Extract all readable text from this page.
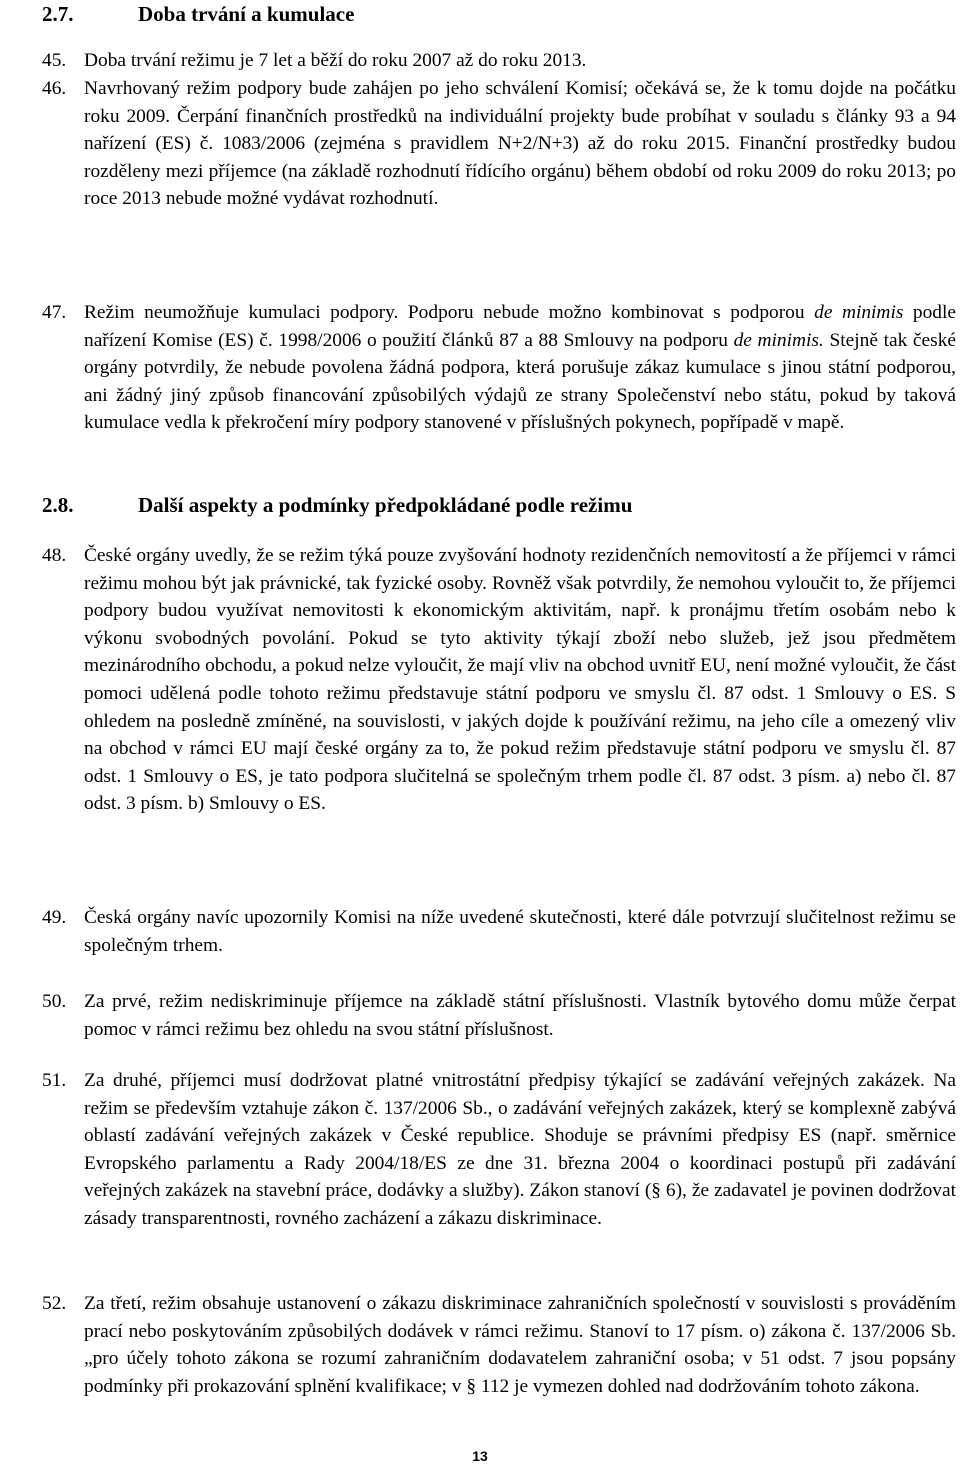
2.7.	Doba trvání a kumulace
45. Doba trvání režimu je 7 let a běží do roku 2007 až do roku 2013.
46. Navrhovaný režim podpory bude zahájen po jeho schválení Komisí; očekává se, že k tomu dojde na počátku roku 2009. Čerpání finančních prostředků na individuální projekty bude probíhat v souladu s články 93 a 94 nařízení (ES) č. 1083/2006 (zejména s pravidlem N+2/N+3) až do roku 2015. Finanční prostředky budou rozděleny mezi příjemce (na základě rozhodnutí řídícího orgánu) během období od roku 2009 do roku 2013; po roce 2013 nebude možné vydávat rozhodnutí.
47. Režim neumožňuje kumulaci podpory. Podporu nebude možno kombinovat s podporou de minimis podle nařízení Komise (ES) č. 1998/2006 o použití článků 87 a 88 Smlouvy na podporu de minimis. Stejně tak české orgány potvrdily, že nebude povolena žádná podpora, která porušuje zákaz kumulace s jinou státní podporou, ani žádný jiný způsob financování způsobilých výdajů ze strany Společenství nebo státu, pokud by taková kumulace vedla k překročení míry podpory stanovené v příslušných pokynech, popřípadě v mapě.
2.8.	Další aspekty a podmínky předpokládané podle režimu
48. České orgány uvedly, že se režim týká pouze zvyšování hodnoty rezidenčních nemovitostí a že příjemci v rámci režimu mohou být jak právnické, tak fyzické osoby. Rovněž však potvrdily, že nemohou vyloučit to, že příjemci podpory budou využívat nemovitosti k ekonomickým aktivitám, např. k pronájmu třetím osobám nebo k výkonu svobodných povolání. Pokud se tyto aktivity týkají zboží nebo služeb, jež jsou předmětem mezinárodního obchodu, a pokud nelze vyloučit, že mají vliv na obchod uvnitř EU, není možné vyloučit, že část pomoci udělená podle tohoto režimu představuje státní podporu ve smyslu čl. 87 odst. 1 Smlouvy o ES. S ohledem na posledně zmíněné, na souvislosti, v jakých dojde k používání režimu, na jeho cíle a omezený vliv na obchod v rámci EU mají české orgány za to, že pokud režim představuje státní podporu ve smyslu čl. 87 odst. 1 Smlouvy o ES, je tato podpora slučitelná se společným trhem podle čl. 87 odst. 3 písm. a) nebo čl. 87 odst. 3 písm. b) Smlouvy o ES.
49. Česká orgány navíc upozornily Komisi na níže uvedené skutečnosti, které dále potvrzují slučitelnost režimu se společným trhem.
50. Za prvé, režim nediskriminuje příjemce na základě státní příslušnosti. Vlastník bytového domu může čerpat pomoc v rámci režimu bez ohledu na svou státní příslušnost.
51. Za druhé, příjemci musí dodržovat platné vnitrostátní předpisy týkající se zadávání veřejných zakázek. Na režim se především vztahuje zákon č. 137/2006 Sb., o zadávání veřejných zakázek, který se komplexně zabývá oblastí zadávání veřejných zakázek v České republice. Shoduje se právními předpisy ES (např. směrnice Evropského parlamentu a Rady 2004/18/ES ze dne 31. března 2004 o koordinaci postupů při zadávání veřejných zakázek na stavební práce, dodávky a služby). Zákon stanoví (§ 6), že zadavatel je povinen dodržovat zásady transparentnosti, rovného zacházení a zákazu diskriminace.
52. Za třetí, režim obsahuje ustanovení o zákazu diskriminace zahraničních společností v souvislosti s prováděním prací nebo poskytováním způsobilých dodávek v rámci režimu. Stanoví to 17 písm. o) zákona č. 137/2006 Sb. „pro účely tohoto zákona se rozumí zahraničním dodavatelem zahraniční osoba; v 51 odst. 7 jsou popsány podmínky při prokazování splnění kvalifikace; v § 112 je vymezen dohled nad dodržováním tohoto zákona.
13
